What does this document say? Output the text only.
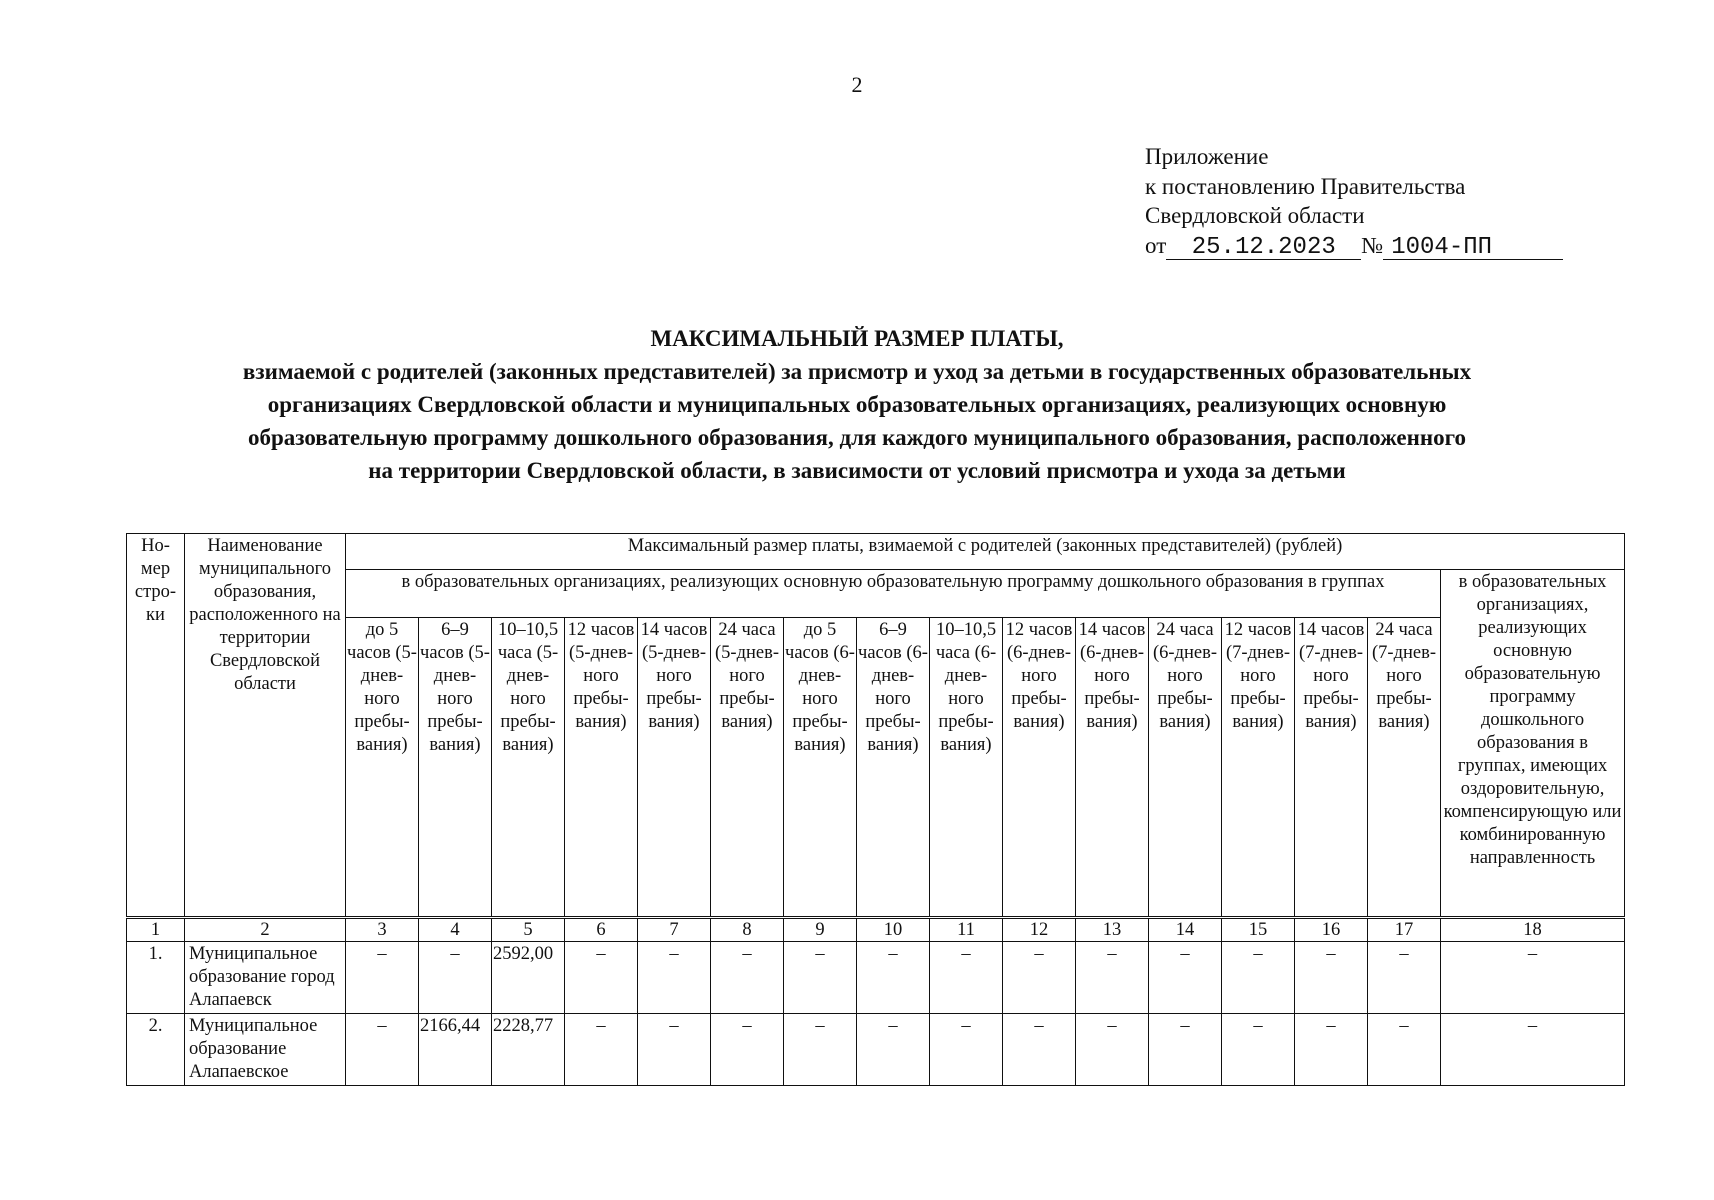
2
Приложение
к постановлению Правительства
Свердловской области
от 25.12.2023 № 1004-ПП
МАКСИМАЛЬНЫЙ РАЗМЕР ПЛАТЫ,
взимаемой с родителей (законных представителей) за присмотр и уход за детьми в государственных образовательных
организациях Свердловской области и муниципальных образовательных организациях, реализующих основную
образовательную программу дошкольного образования, для каждого муниципального образования, расположенного
на территории Свердловской области, в зависимости от условий присмотра и ухода за детьми
Но-мер стро-ки	Наименование муниципального образования, расположенного на территории Свердловской области	Максимальный размер платы, взимаемой с родителей (законных представителей) (рублей)															
		в образовательных организациях, реализующих основную образовательную программу дошкольного образования в группах															в образовательных организациях, реализующих основную образовательную программу дошкольного образования в группах, имеющих оздоровительную, компенсирующую или комбинированную направленность
		до 5 часов (5-днев-ного пребы-вания)	6–9 часов (5-днев-ного пребы-вания)	10–10,5 часа (5-днев-ного пребы-вания)	12 часов (5-днев-ного пребы-вания)	14 часов (5-днев-ного пребы-вания)	24 часа (5-днев-ного пребы-вания)	до 5 часов (6-днев-ного пребы-вания)	6–9 часов (6-днев-ного пребы-вания)	10–10,5 часа (6-днев-ного пребы-вания)	12 часов (6-днев-ного пребы-вания)	14 часов (6-днев-ного пребы-вания)	24 часа (6-днев-ного пребы-вания)	12 часов (7-днев-ного пребы-вания)	14 часов (7-днев-ного пребы-вания)	24 часа (7-днев-ного пребы-вания)	
1	2	3	4	5	6	7	8	9	10	11	12	13	14	15	16	17	18
1.	Муниципальное образование город Алапаевск	–	–	2592,00	–	–	–	–	–	–	–	–	–	–	–	–	–
2.	Муниципальное образование Алапаевское	–	2166,44	2228,77	–	–	–	–	–	–	–	–	–	–	–	–	–
